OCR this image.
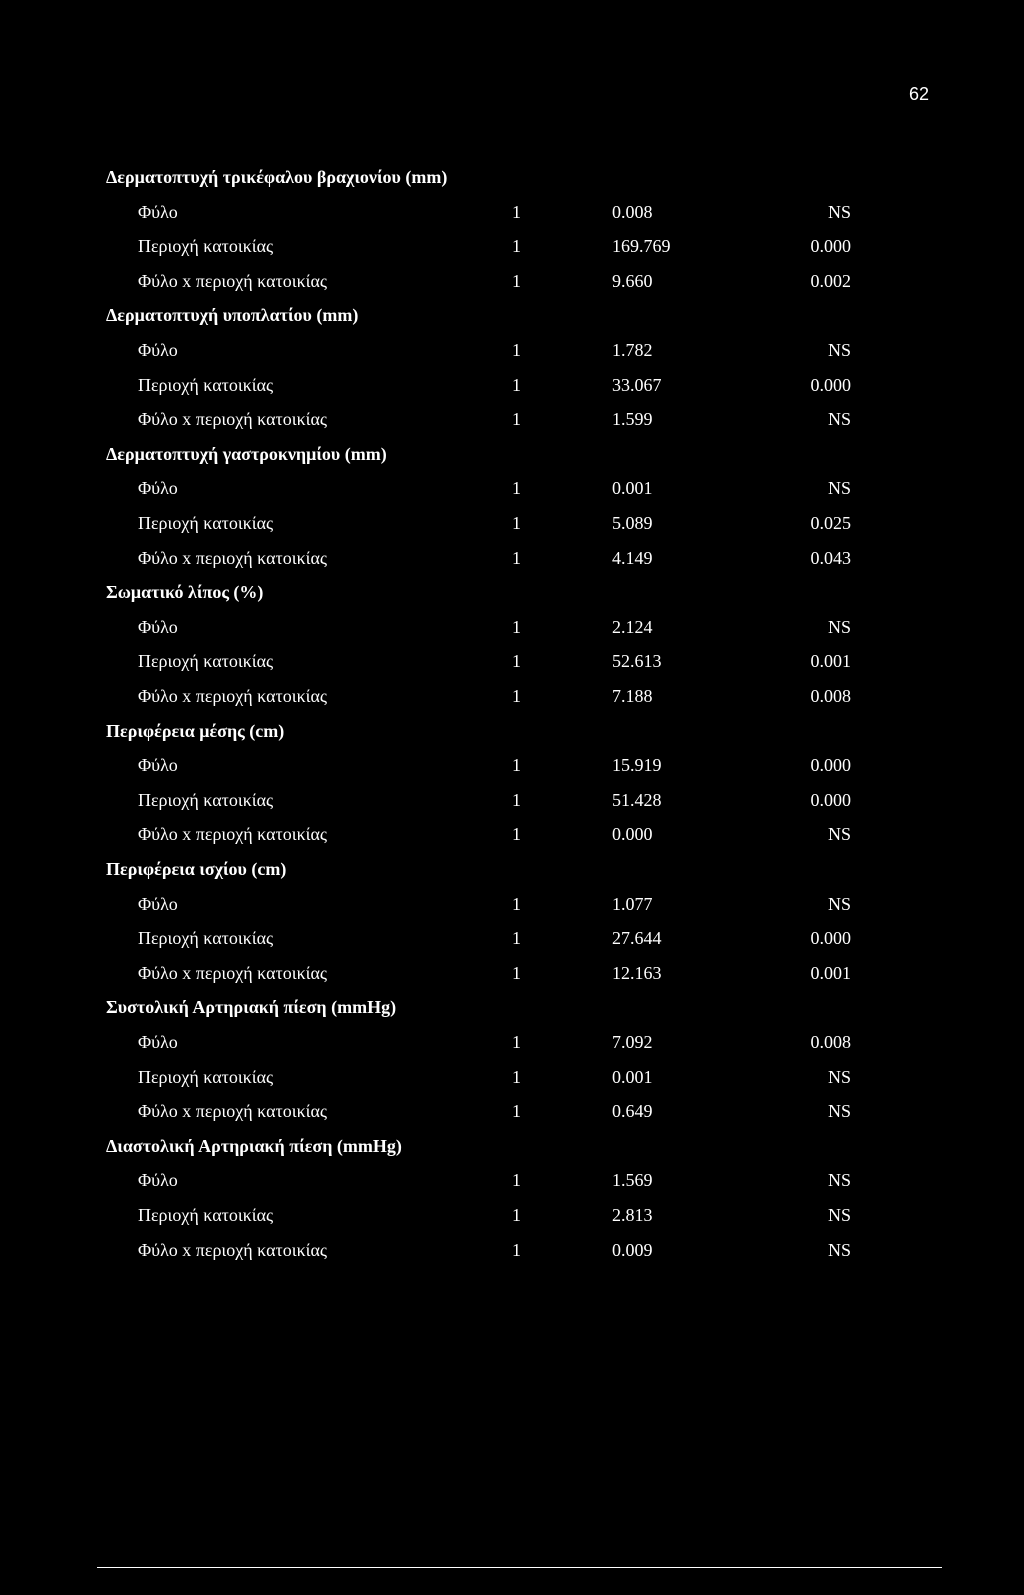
62
Δερματοπτυχή τρικέφαλου βραχιονίου (mm)
Φύλο	1	0.008	NS
Περιοχή κατοικίας	1	169.769	0.000
Φύλο x περιοχή κατοικίας	1	9.660	0.002
Δερματοπτυχή υποπλατίου (mm)
Φύλο	1	1.782	NS
Περιοχή κατοικίας	1	33.067	0.000
Φύλο x περιοχή κατοικίας	1	1.599	NS
Δερματοπτυχή γαστροκνημίου (mm)
Φύλο	1	0.001	NS
Περιοχή κατοικίας	1	5.089	0.025
Φύλο x περιοχή κατοικίας	1	4.149	0.043
Σωματικό λίπος (%)
Φύλο	1	2.124	NS
Περιοχή κατοικίας	1	52.613	0.001
Φύλο x περιοχή κατοικίας	1	7.188	0.008
Περιφέρεια μέσης (cm)
Φύλο	1	15.919	0.000
Περιοχή κατοικίας	1	51.428	0.000
Φύλο x περιοχή κατοικίας	1	0.000	NS
Περιφέρεια ισχίου (cm)
Φύλο	1	1.077	NS
Περιοχή κατοικίας	1	27.644	0.000
Φύλο x περιοχή κατοικίας	1	12.163	0.001
Συστολική Αρτηριακή πίεση (mmHg)
Φύλο	1	7.092	0.008
Περιοχή κατοικίας	1	0.001	NS
Φύλο x περιοχή κατοικίας	1	0.649	NS
Διαστολική Αρτηριακή πίεση (mmHg)
Φύλο	1	1.569	NS
Περιοχή κατοικίας	1	2.813	NS
Φύλο x περιοχή κατοικίας	1	0.009	NS
